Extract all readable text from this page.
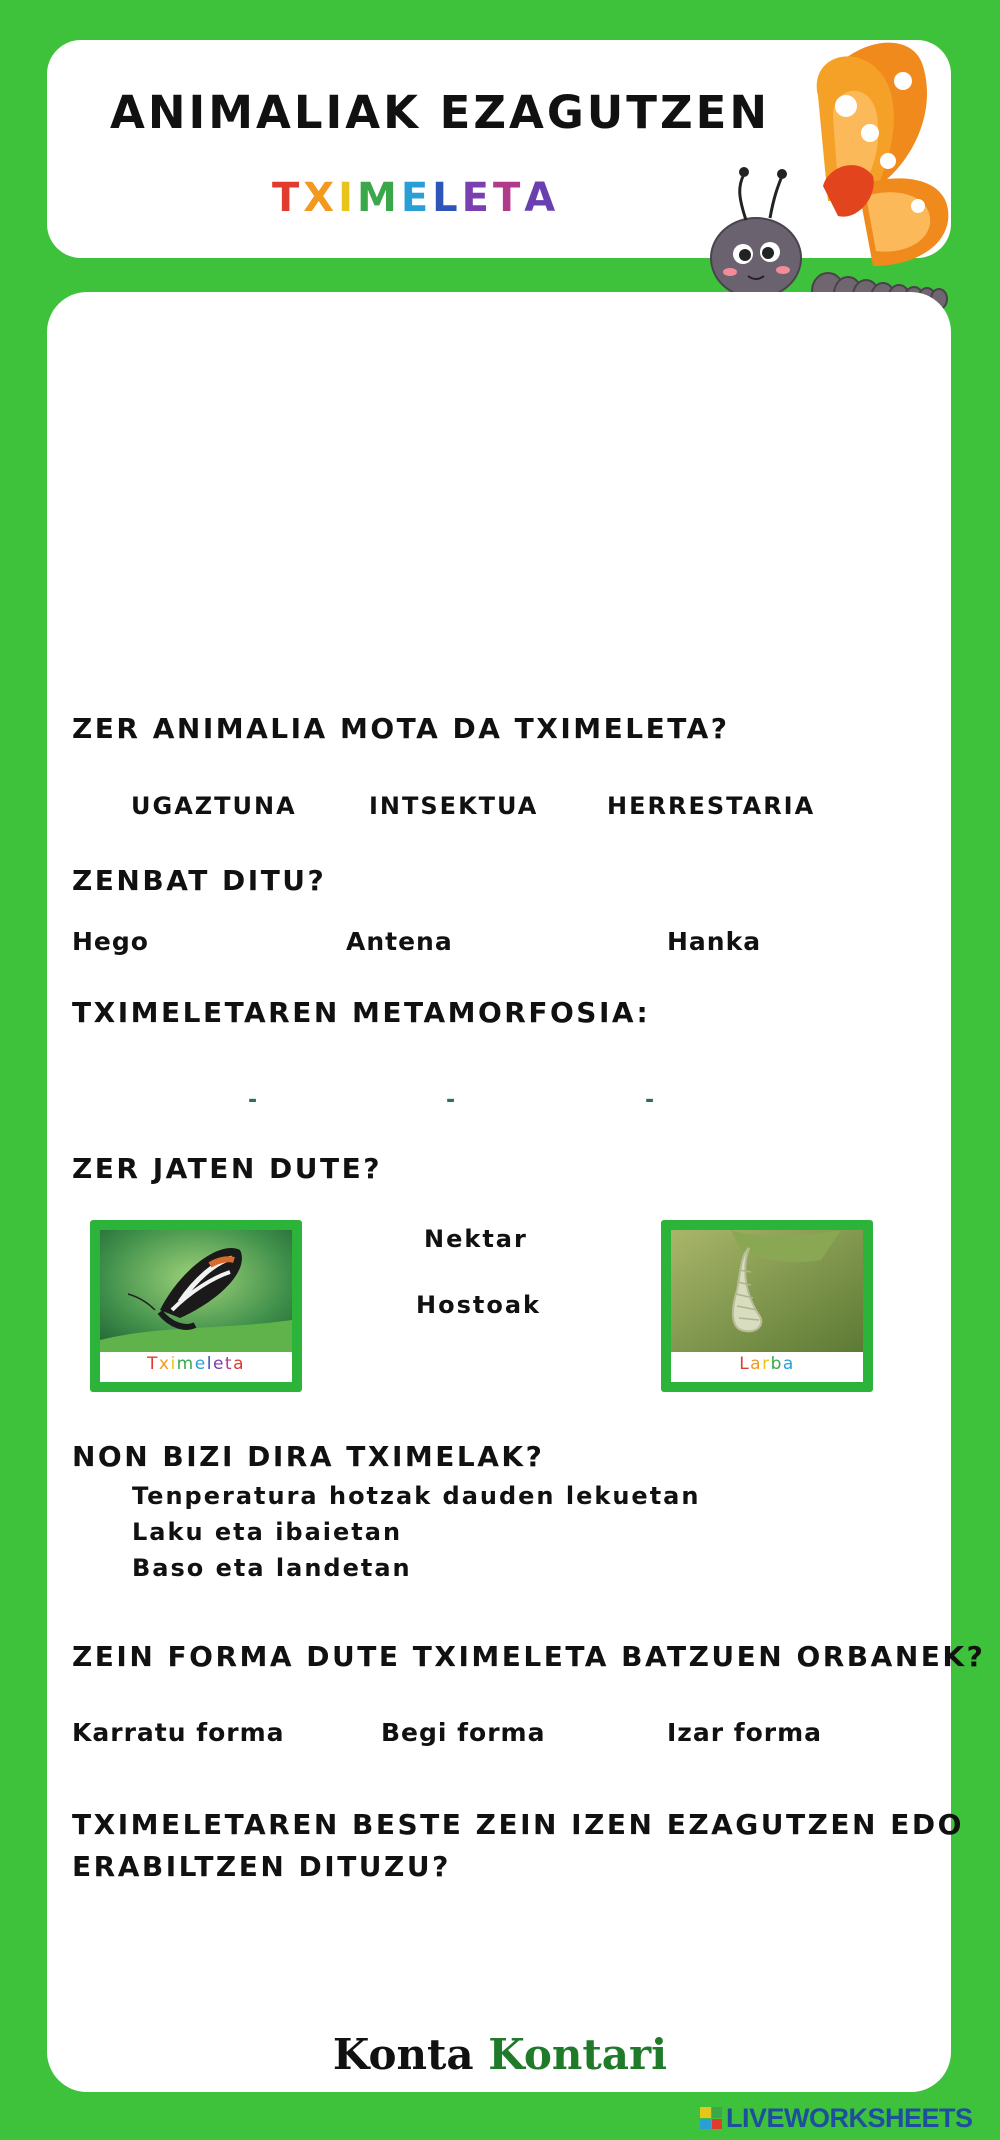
ANIMALIAK EZAGUTZEN
TXIMELETA
ZER ANIMALIA MOTA DA TXIMELETA?
UGAZTUNA	INTSEKTUA	HERRESTARIA
ZENBAT DITU?
Hego	Antena	Hanka
TXIMELETAREN METAMORFOSIA:
-	-	-
ZER JATEN DUTE?
Tximeleta
Nektar
Hostoak
Larba
NON BIZI DIRA TXIMELAK?
Tenperatura hotzak dauden lekuetan
Laku eta ibaietan
Baso eta landetan
ZEIN FORMA DUTE TXIMELETA BATZUEN ORBANEK?
Karratu forma	Begi forma	Izar forma
TXIMELETAREN BESTE ZEIN IZEN EZAGUTZEN EDO
ERABILTZEN DITUZU?
Konta Kontari
LIVEWORKSHEETS
